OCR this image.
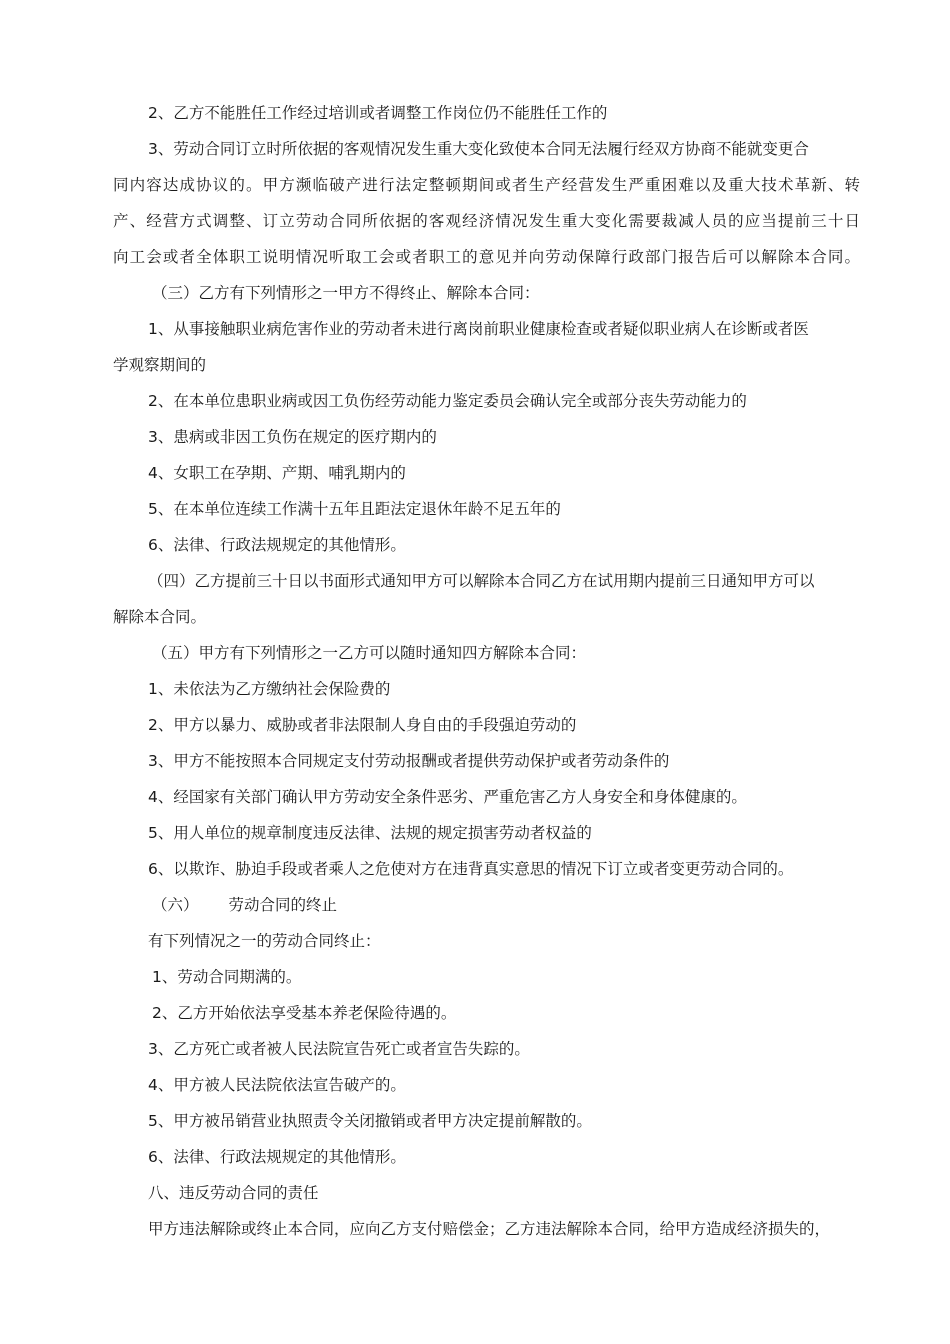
2、乙方不能胜任工作经过培训或者调整工作岗位仍不能胜任工作的
3、劳动合同订立时所依据的客观情况发生重大变化致使本合同无法履行经双方协商不能就变更合
同内容达成协议的。甲方濒临破产进行法定整顿期间或者生产经营发生严重困难以及重大技术革新、转
产、经营方式调整、订立劳动合同所依据的客观经济情况发生重大变化需要裁减人员的应当提前三十日
向工会或者全体职工说明情况听取工会或者职工的意见并向劳动保障行政部门报告后可以解除本合同。
（三）乙方有下列情形之一甲方不得终止、解除本合同：
1、从事接触职业病危害作业的劳动者未进行离岗前职业健康检查或者疑似职业病人在诊断或者医
学观察期间的
2、在本单位患职业病或因工负伤经劳动能力鉴定委员会确认完全或部分丧失劳动能力的
3、患病或非因工负伤在规定的医疗期内的
4、女职工在孕期、产期、哺乳期内的
5、在本单位连续工作满十五年且距法定退休年龄不足五年的
6、法律、行政法规规定的其他情形。
（四）乙方提前三十日以书面形式通知甲方可以解除本合同乙方在试用期内提前三日通知甲方可以
解除本合同。
（五）甲方有下列情形之一乙方可以随时通知四方解除本合同：
1、未依法为乙方缴纳社会保险费的
2、甲方以暴力、威胁或者非法限制人身自由的手段强迫劳动的
3、甲方不能按照本合同规定支付劳动报酬或者提供劳动保护或者劳动条件的
4、经国家有关部门确认甲方劳动安全条件恶劣、严重危害乙方人身安全和身体健康的。
5、用人单位的规章制度违反法律、法规的规定损害劳动者权益的
6、以欺诈、胁迫手段或者乘人之危使对方在违背真实意思的情况下订立或者变更劳动合同的。
（六） 劳动合同的终止
有下列情况之一的劳动合同终止：
1、劳动合同期满的。
2、乙方开始依法享受基本养老保险待遇的。
3、乙方死亡或者被人民法院宣告死亡或者宣告失踪的。
4、甲方被人民法院依法宣告破产的。
5、甲方被吊销营业执照责令关闭撤销或者甲方决定提前解散的。
6、法律、行政法规规定的其他情形。
八、违反劳动合同的责任
甲方违法解除或终止本合同，应向乙方支付赔偿金；乙方违法解除本合同，给甲方造成经济损失的，
